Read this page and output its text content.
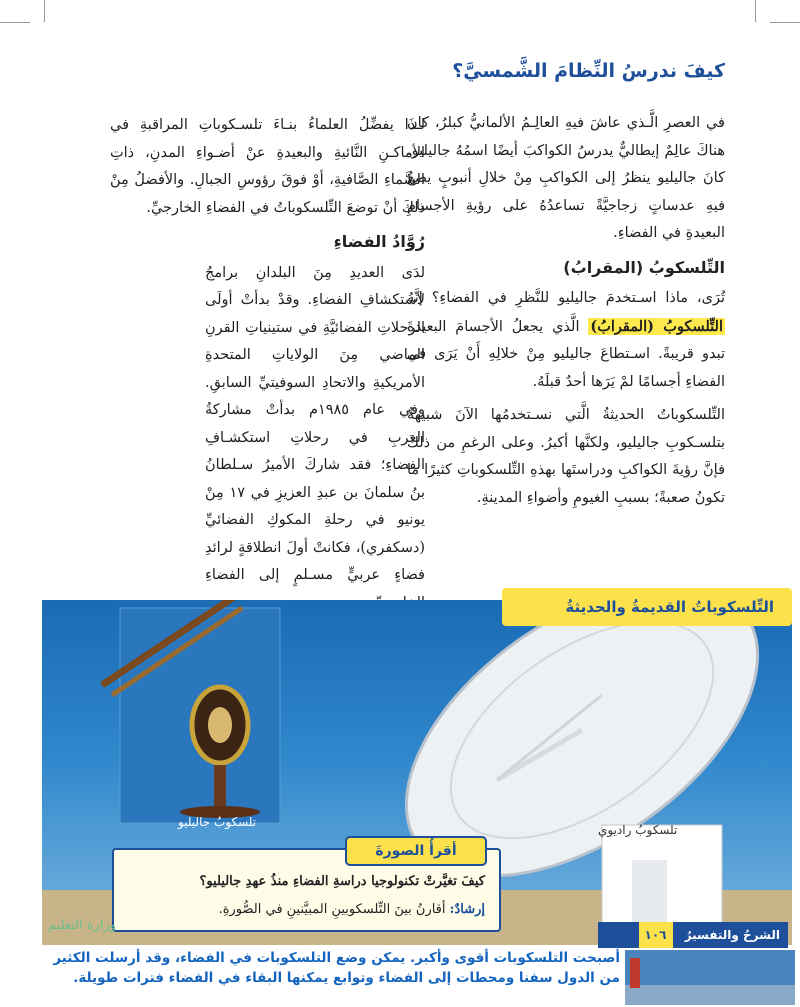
كيفَ ندرسُ النِّظامَ الشَّمسيَّ؟

في العصرِ الَّـذي عاشَ فيهِ العالِـمُ الألمانيُّ كبلرُ، كانَ هناكَ عالِمٌ إيطاليٌّ يدرسُ الكواكبَ أيضًا اسمُهُ جاليليو. كانَ جاليليو ينظرُ إلى الكواكبِ مِنْ خلالِ أنبوبٍ يضعُ فيهِ عدساتٍ زجاجيَّةً تساعدُهُ على رؤيةِ الأجسامِ البعيدةِ في الفضاءِ.

التِّلسكوبُ (المقرابُ)

تُرَى، ماذا اسـتخدمَ جاليليو للنَّظرِ في الفضاءِ؟ إنَّهُ التِّلسكوبُ (المقرابُ) الَّذي يجعلُ الأجسامَ البعيدةَ تبدو قريبةً. اسـتطاعَ جاليليو مِنْ خلالِهِ أَنْ يَرَى في الفضاءِ أجسامًا لمْ يَرَها أحدٌ قبلَهُ.

التِّلسكوباتُ الحديثةُ الَّتي نسـتخدمُها الآنَ شبيهةٌ بتلسـكوبِ جاليليو، ولكنَّها أكبرُ. وعلى الرغمِ من ذلكَ فإنَّ رؤيةَ الكواكبِ ودراستَها بهذهِ التِّلسكوباتِ كثيرًا ما تكونُ صعبةً؛ بسببِ الغيومِ وأضواءِ المدينةِ.

لـذا يفضِّلُ العلماءُ بنـاءَ تلسـكوباتِ المراقبةِ في الأماكـنِ النَّائيةِ والبعيدةِ عنْ أضـواءِ المدنِ، ذاتِ السَّماءِ الصَّافيةِ، أوْ فوقَ رؤوسِ الجبالِ. والأفضلُ مِنْ ذلكَ أنْ توضعَ التِّلسكوباتُ في الفضاءِ الخارجيِّ.

رُوَّادُ الفضاءِ

لدَى العديدِ مِنَ البلدانِ برامجُ لاستكشافِ الفضاءِ. وقدْ بدأتْ أولَى الرحلاتِ الفضائيَّةِ في ستينياتِ القرنِ الماضي مِنَ الولاياتِ المتحدةِ الأمريكيةِ والاتحادِ السوفيتيِّ السابقِ. وفي عام ١٩٨٥م بدأتْ مشاركةُ العربِ في رحلاتِ استكشـافِ الفضاءِ؛ فقد شاركَ الأميرُ سـلطانُ بنُ سلمانَ بن عبدِ العزيزِ في ١٧ مِنْ يونيو في رحلةِ المكوكِ الفضائيِّ (دسكفري)، فكانتْ أولَ انطلاقةٍ لرائدِ فضاءٍ عربيٍّ مسـلمٍ إلى الفضاءِ

التِّلسكوباتُ القديمةُ والحديثةُ
تلسكوبُ جاليليو
تلسكوبُ راديوي
كيفَ تغيَّرتْ تكنولوجيا دراسةِ الفضاءِ منذُ عهدِ جاليليو؟
إرشادٌ: أقارنُ بينَ التِّلسكوبينِ المبيَّنينِ في الصُّورةِ.
أقرأُ الصورةَ
وزارة التعليم
الشرحُ والتفسيرُ ١٠٦
أصبحت التلسكوبات أقوى وأكبر. يمكن وضع التلسكوبات في الفضاء، وقد أرسلت الكثير من الدول سفنا ومحطات إلى الفضاء وتوابع يمكنها البقاء في الفضاء فترات طويلة.
